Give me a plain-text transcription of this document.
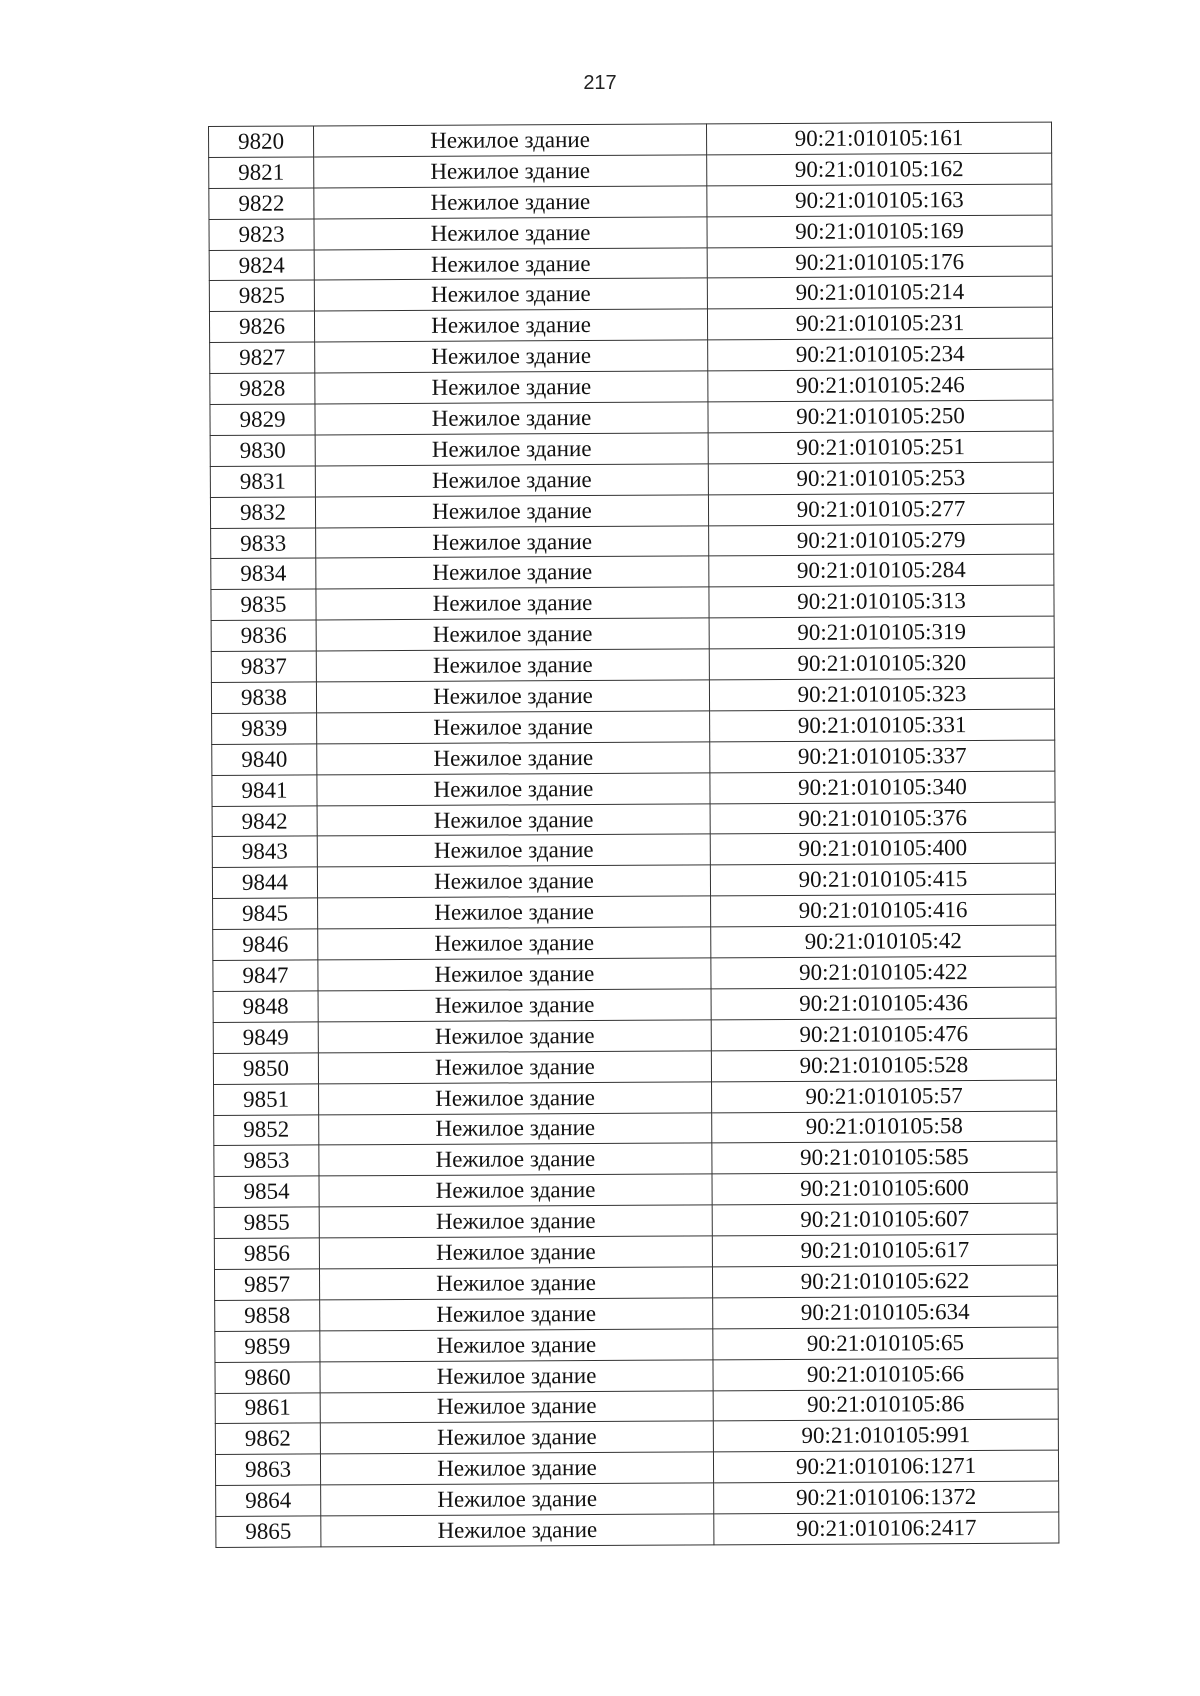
217
9820	Нежилое здание	90:21:010105:161
9821	Нежилое здание	90:21:010105:162
9822	Нежилое здание	90:21:010105:163
9823	Нежилое здание	90:21:010105:169
9824	Нежилое здание	90:21:010105:176
9825	Нежилое здание	90:21:010105:214
9826	Нежилое здание	90:21:010105:231
9827	Нежилое здание	90:21:010105:234
9828	Нежилое здание	90:21:010105:246
9829	Нежилое здание	90:21:010105:250
9830	Нежилое здание	90:21:010105:251
9831	Нежилое здание	90:21:010105:253
9832	Нежилое здание	90:21:010105:277
9833	Нежилое здание	90:21:010105:279
9834	Нежилое здание	90:21:010105:284
9835	Нежилое здание	90:21:010105:313
9836	Нежилое здание	90:21:010105:319
9837	Нежилое здание	90:21:010105:320
9838	Нежилое здание	90:21:010105:323
9839	Нежилое здание	90:21:010105:331
9840	Нежилое здание	90:21:010105:337
9841	Нежилое здание	90:21:010105:340
9842	Нежилое здание	90:21:010105:376
9843	Нежилое здание	90:21:010105:400
9844	Нежилое здание	90:21:010105:415
9845	Нежилое здание	90:21:010105:416
9846	Нежилое здание	90:21:010105:42
9847	Нежилое здание	90:21:010105:422
9848	Нежилое здание	90:21:010105:436
9849	Нежилое здание	90:21:010105:476
9850	Нежилое здание	90:21:010105:528
9851	Нежилое здание	90:21:010105:57
9852	Нежилое здание	90:21:010105:58
9853	Нежилое здание	90:21:010105:585
9854	Нежилое здание	90:21:010105:600
9855	Нежилое здание	90:21:010105:607
9856	Нежилое здание	90:21:010105:617
9857	Нежилое здание	90:21:010105:622
9858	Нежилое здание	90:21:010105:634
9859	Нежилое здание	90:21:010105:65
9860	Нежилое здание	90:21:010105:66
9861	Нежилое здание	90:21:010105:86
9862	Нежилое здание	90:21:010105:991
9863	Нежилое здание	90:21:010106:1271
9864	Нежилое здание	90:21:010106:1372
9865	Нежилое здание	90:21:010106:2417
